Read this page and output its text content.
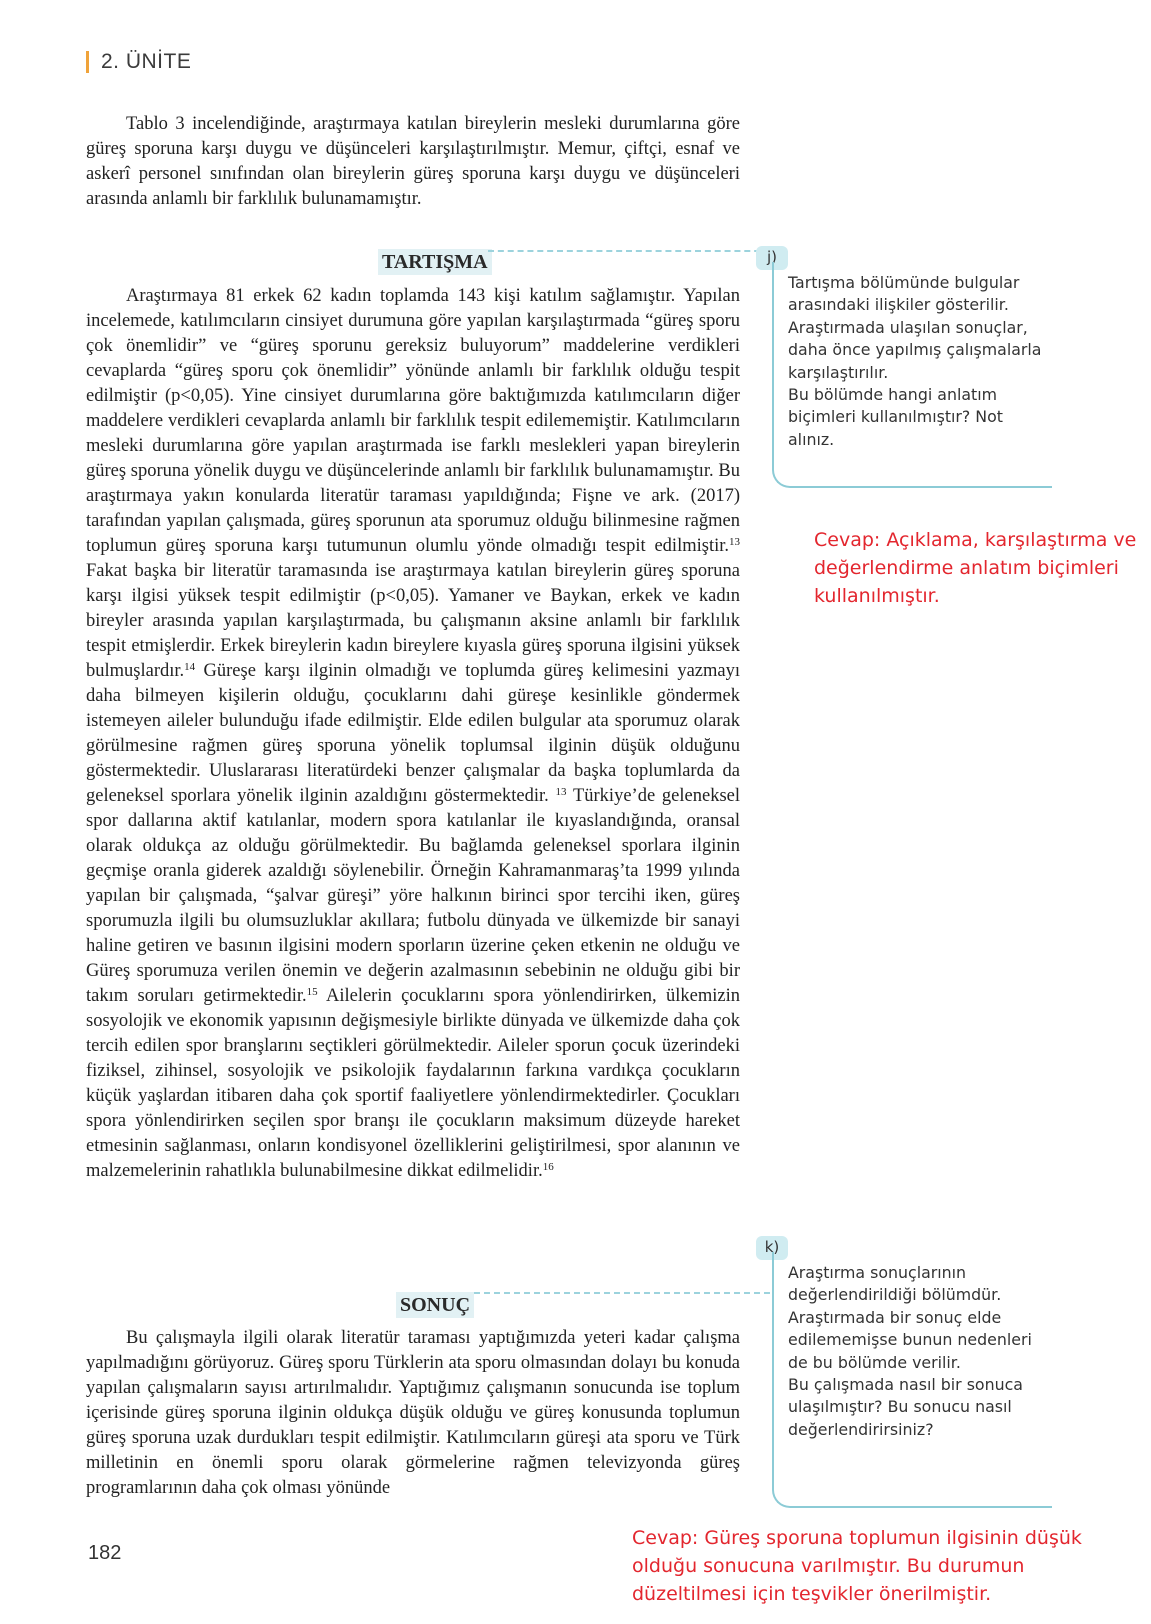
2. ÜNİTE

Tablo 3 incelendiğinde, araştırmaya katılan bireylerin mesleki durumlarına göre güreş sporuna karşı duygu ve düşünceleri karşılaştırılmıştır. Memur, çiftçi, esnaf ve askerî personel sınıfından olan bireylerin güreş sporuna karşı duygu ve düşünceleri arasında anlamlı bir farklılık bulunamamıştır.

TARTIŞMA

Araştırmaya 81 erkek 62 kadın toplamda 143 kişi katılım sağlamıştır. Yapılan incelemede, katılımcıların cinsiyet durumuna göre yapılan karşılaştırmada “güreş sporu çok önemlidir” ve “güreş sporunu gereksiz buluyorum” maddelerine verdikleri cevaplarda “güreş sporu çok önemlidir” yönünde anlamlı bir farklılık olduğu tespit edilmiştir (p<0,05). Yine cinsiyet durumlarına göre baktığımızda katılımcıların diğer maddelere verdikleri cevaplarda anlamlı bir farklılık tespit edilememiştir. Katılımcıların mesleki durumlarına göre yapılan araştırmada ise farklı meslekleri yapan bireylerin güreş sporuna yönelik duygu ve düşüncelerinde anlamlı bir farklılık bulunamamıştır. Bu araştırmaya yakın konularda literatür taraması yapıldığında; Fişne ve ark. (2017) tarafından yapılan çalışmada, güreş sporunun ata sporumuz olduğu bilinmesine rağmen toplumun güreş sporuna karşı tutumunun olumlu yönde olmadığı tespit edilmiştir.$^{13}$ Fakat başka bir literatür taramasında ise araştırmaya katılan bireylerin güreş sporuna karşı ilgisi yüksek tespit edilmiştir (p<0,05). Yamaner ve Baykan, erkek ve kadın bireyler arasında yapılan karşılaştırmada, bu çalışmanın aksine anlamlı bir farklılık tespit etmişlerdir. Erkek bireylerin kadın bireylere kıyasla güreş sporuna ilgisini yüksek bulmuşlardır.$^{14}$ Güreşe karşı ilginin olmadığı ve toplumda güreş kelimesini yazmayı daha bilmeyen kişilerin olduğu, çocuklarını dahi güreşe kesinlikle göndermek istemeyen aileler bulunduğu ifade edilmiştir. Elde edilen bulgular ata sporumuz olarak görülmesine rağmen güreş sporuna yönelik toplumsal ilginin düşük olduğunu göstermektedir. Uluslararası literatürdeki benzer çalışmalar da başka toplumlarda da geleneksel sporlara yönelik ilginin azaldığını göstermektedir. $^{13}$ Türkiye’de geleneksel spor dallarına aktif katılanlar, modern spora katılanlar ile kıyaslandığında, oransal olarak oldukça az olduğu görülmektedir. Bu bağlamda geleneksel sporlara ilginin geçmişe oranla giderek azaldığı söylenebilir. Örneğin Kahramanmaraş’ta 1999 yılında yapılan bir çalışmada, “şalvar güreşi” yöre halkının birinci spor tercihi iken, güreş sporumuzla ilgili bu olumsuzluklar akıllara; futbolu dünyada ve ülkemizde bir sanayi haline getiren ve basının ilgisini modern sporların üzerine çeken etkenin ne olduğu ve Güreş sporumuza verilen önemin ve değerin azalmasının sebebinin ne olduğu gibi bir takım soruları getirmektedir.$^{15}$ Ailelerin çocuklarını spora yönlendirirken, ülkemizin sosyolojik ve ekonomik yapısının değişmesiyle birlikte dünyada ve ülkemizde daha çok tercih edilen spor branşlarını seçtikleri görülmektedir. Aileler sporun çocuk üzerindeki fiziksel, zihinsel, sosyolojik ve psikolojik faydalarının farkına vardıkça çocukların küçük yaşlardan itibaren daha çok sportif faaliyetlere yönlendirmektedirler. Çocukları spora yönlendirirken seçilen spor branşı ile çocukların maksimum düzeyde hareket etmesinin sağlanması, onların kondisyonel özelliklerini geliştirilmesi, spor alanının ve malzemelerinin rahatlıkla bulunabilmesine dikkat edilmelidir.$^{16}$

SONUÇ

Bu çalışmayla ilgili olarak literatür taraması yaptığımızda yeteri kadar çalışma yapılmadığını görüyoruz. Güreş sporu Türklerin ata sporu olmasından dolayı bu konuda yapılan çalışmaların sayısı artırılmalıdır. Yaptığımız çalışmanın sonucunda ise toplum içerisinde güreş sporuna ilginin oldukça düşük olduğu ve güreş konusunda toplumun güreş sporuna uzak durdukları tespit edilmiştir. Katılımcıların güreşi ata sporu ve Türk milletinin en önemli sporu olarak görmelerine rağmen televizyonda güreş programlarının daha çok olması yönünde

j)

Tartışma bölümünde bulgular arasındaki ilişkiler gösterilir. Araştırmada ulaşılan sonuçlar, daha önce yapılmış çalışmalarla karşılaştırılır.

Bu bölümde hangi anlatım biçimleri kullanılmıştır? Not alınız.

Cevap: Açıklama, karşılaştırma ve değerlendirme anlatım biçimleri kullanılmıştır.
k)

Araştırma sonuçlarının değerlendirildiği bölümdür. Araştırmada bir sonuç elde edilememişse bunun nedenleri de bu bölümde verilir.

Bu çalışmada nasıl bir sonuca ulaşılmıştır? Bu sonucu nasıl değerlendirirsiniz?

Cevap: Güreş sporuna toplumun ilgisinin düşük olduğu sonucuna varılmıştır. Bu durumun düzeltilmesi için teşvikler önerilmiştir.
182
